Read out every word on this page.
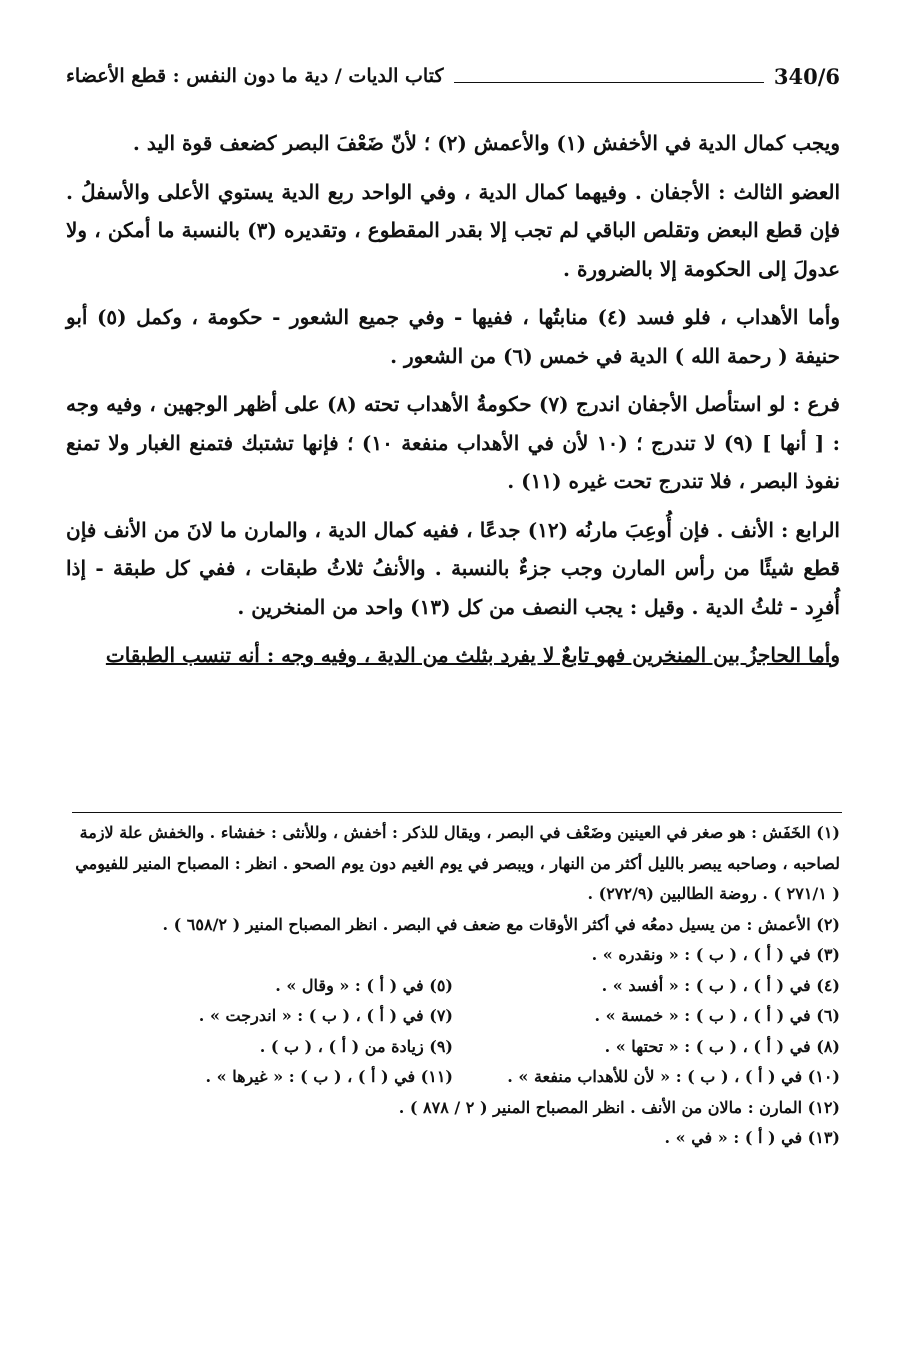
كتاب الديات / دية ما دون النفس : قطع الأعضاء	340/6

ويجب كمال الدية في الأخفش (١) والأعمش (٢) ؛ لأنّ ضَعْفَ البصر كضعف قوة اليد .

العضو الثالث : الأجفان . وفيهما كمال الدية ، وفي الواحد ربع الدية يستوي الأعلى والأسفلُ . فإن قطع البعض وتقلص الباقي لم تجب إلا بقدر المقطوع ، وتقديره (٣) بالنسبة ما أمكن ، ولا عدولَ إلى الحكومة إلا بالضرورة .

وأما الأهداب ، فلو فسد (٤) منابتُها ، ففيها - وفي جميع الشعور - حكومة ، وكمل (٥) أبو حنيفة ( رحمة الله ) الدية في خمس (٦) من الشعور .

فرع : لو استأصل الأجفان اندرج (٧) حكومةُ الأهداب تحته (٨) على أظهر الوجهين ، وفيه وجه : [ أنها ] (٩) لا تندرج ؛ (١٠ لأن في الأهداب منفعة ١٠) ؛ فإنها تشتبك فتمنع الغبار ولا تمنع نفوذ البصر ، فلا تندرج تحت غيره (١١) .

الرابع : الأنف . فإن أُوعِبَ مارنُه (١٢) جدعًا ، ففيه كمال الدية ، والمارن ما لانَ من الأنف فإن قطع شيئًا من رأس المارن وجب جزءٌ بالنسبة . والأنفُ ثلاثُ طبقات ، ففي كل طبقة - إذا أُفرِد - ثلثُ الدية . وقيل : يجب النصف من كل (١٣) واحد من المنخرين .

وأما الحاجزُ بين المنخرين فهو تابعٌ لا يفرد بثلث من الدية ، وفيه وجه : أنه تنسب الطبقات

(١) الخَفَش : هو صغر في العينين وضَعْف في البصر ، ويقال للذكر : أخفش ، وللأنثى : خفشاء . والخفش علة لازمة لصاحبه ، وصاحبه يبصر بالليل أكثر من النهار ، ويبصر في يوم الغيم دون يوم الصحو . انظر : المصباح المنير للفيومي ( ٢٧١/١ ) . روضة الطالبين (٢٧٢/٩) .

(٢) الأعمش : من يسيل دمعُه في أكثر الأوقات مع ضعف في البصر . انظر المصباح المنير ( ٦٥٨/٢ ) .

(٣) في ( أ ) ، ( ب ) : « ونقدره » .

(٤) في ( أ ) ، ( ب ) : « أفسد » .
(٥) في ( أ ) : « وقال » .
(٦) في ( أ ) ، ( ب ) : « خمسة » .
(٧) في ( أ ) ، ( ب ) : « اندرجت » .
(٨) في ( أ ) ، ( ب ) : « تحتها » .
(٩) زيادة من ( أ ) ، ( ب ) .
(١٠) في ( أ ) ، ( ب ) : « لأن للأهداب منفعة » .
(١١) في ( أ ) ، ( ب ) : « غيرها » .

(١٢) المارن : مالان من الأنف . انظر المصباح المنير ( ٢ / ٨٧٨ ) .

(١٣) في ( أ ) : « في » .
